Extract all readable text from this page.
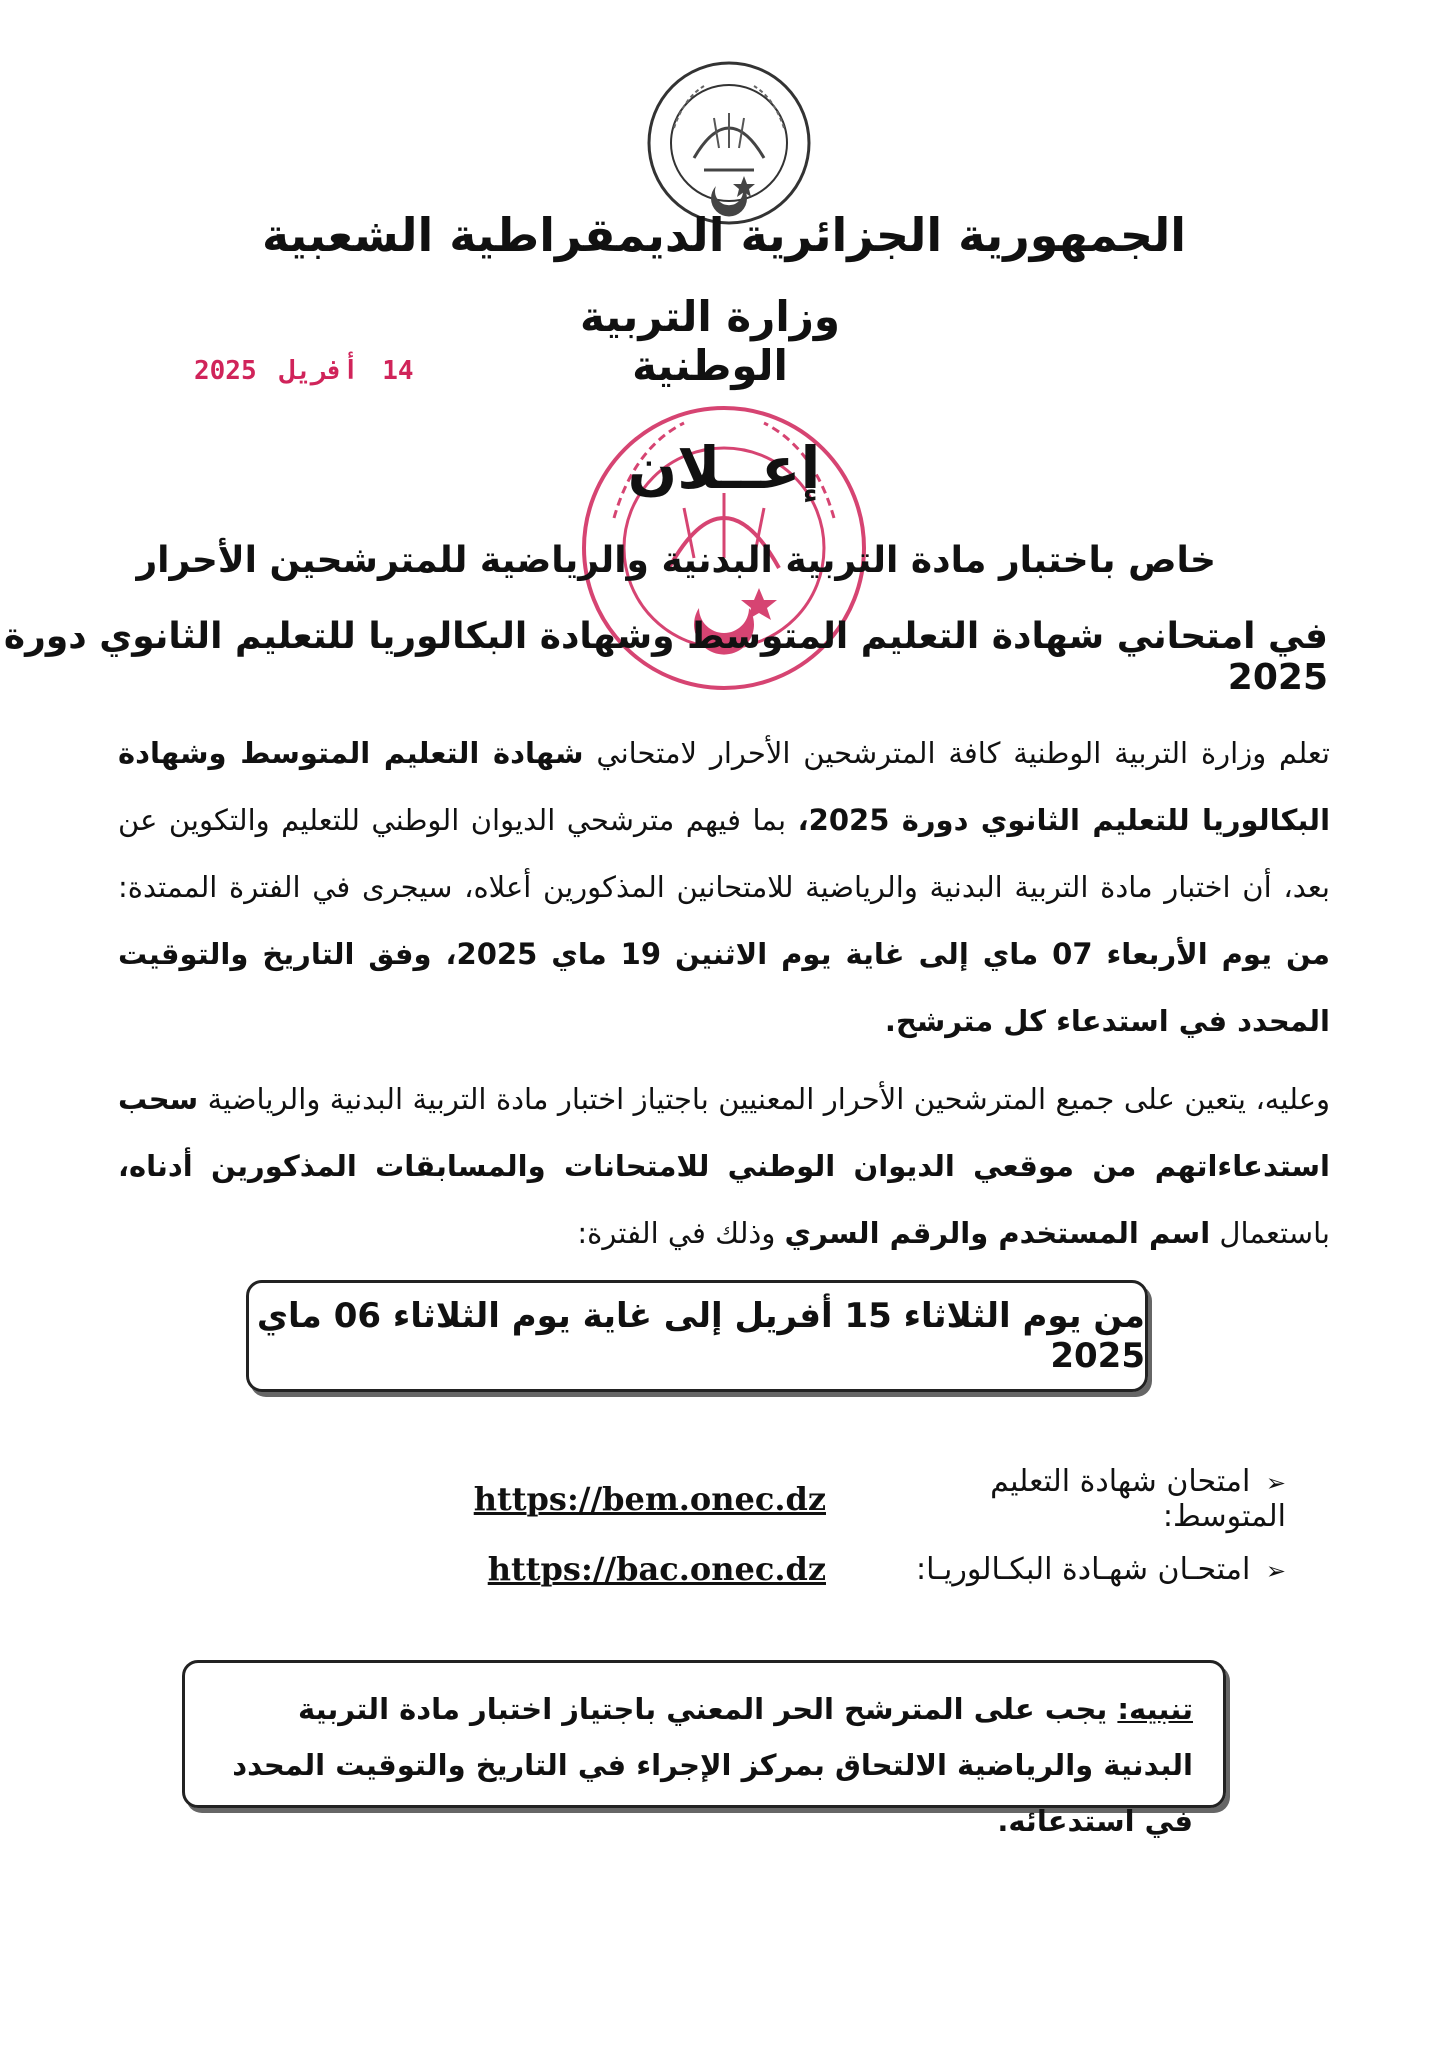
الجمهورية الجزائرية الديمقراطية الشعبية
وزارة التربية الوطنية
14 أفريل 2025
إعــلان

خاص باختبار مادة التربية البدنية والرياضية للمترشحين الأحرار

في امتحاني شهادة التعليم المتوسط وشهادة البكالوريا للتعليم الثانوي دورة 2025

تعلم وزارة التربية الوطنية كافة المترشحين الأحرار لامتحاني شهادة التعليم المتوسط وشهادة البكالوريا للتعليم الثانوي دورة 2025، بما فيهم مترشحي الديوان الوطني للتعليم والتكوين عن بعد، أن اختبار مادة التربية البدنية والرياضية للامتحانين المذكورين أعلاه، سيجرى في الفترة الممتدة: من يوم الأربعاء 07 ماي إلى غاية يوم الاثنين 19 ماي 2025، وفق التاريخ والتوقيت المحدد في استدعاء كل مترشح.

وعليه، يتعين على جميع المترشحين الأحرار المعنيين باجتياز اختبار مادة التربية البدنية والرياضية سحب استدعاءاتهم من موقعي الديوان الوطني للامتحانات والمسابقات المذكورين أدناه، باستعمال اسم المستخدم والرقم السري وذلك في الفترة:

من يوم الثلاثاء 15 أفريل إلى غاية يوم الثلاثاء 06 ماي 2025
➢ امتحان شهادة التعليم المتوسط:
https://bem.onec.dz
➢ امتحـان شهـادة البكـالوريـا:
https://bac.onec.dz

تنبيه: يجب على المترشح الحر المعني باجتياز اختبار مادة التربية البدنية والرياضية الالتحاق بمركز الإجراء في التاريخ والتوقيت المحدد في استدعائه.
